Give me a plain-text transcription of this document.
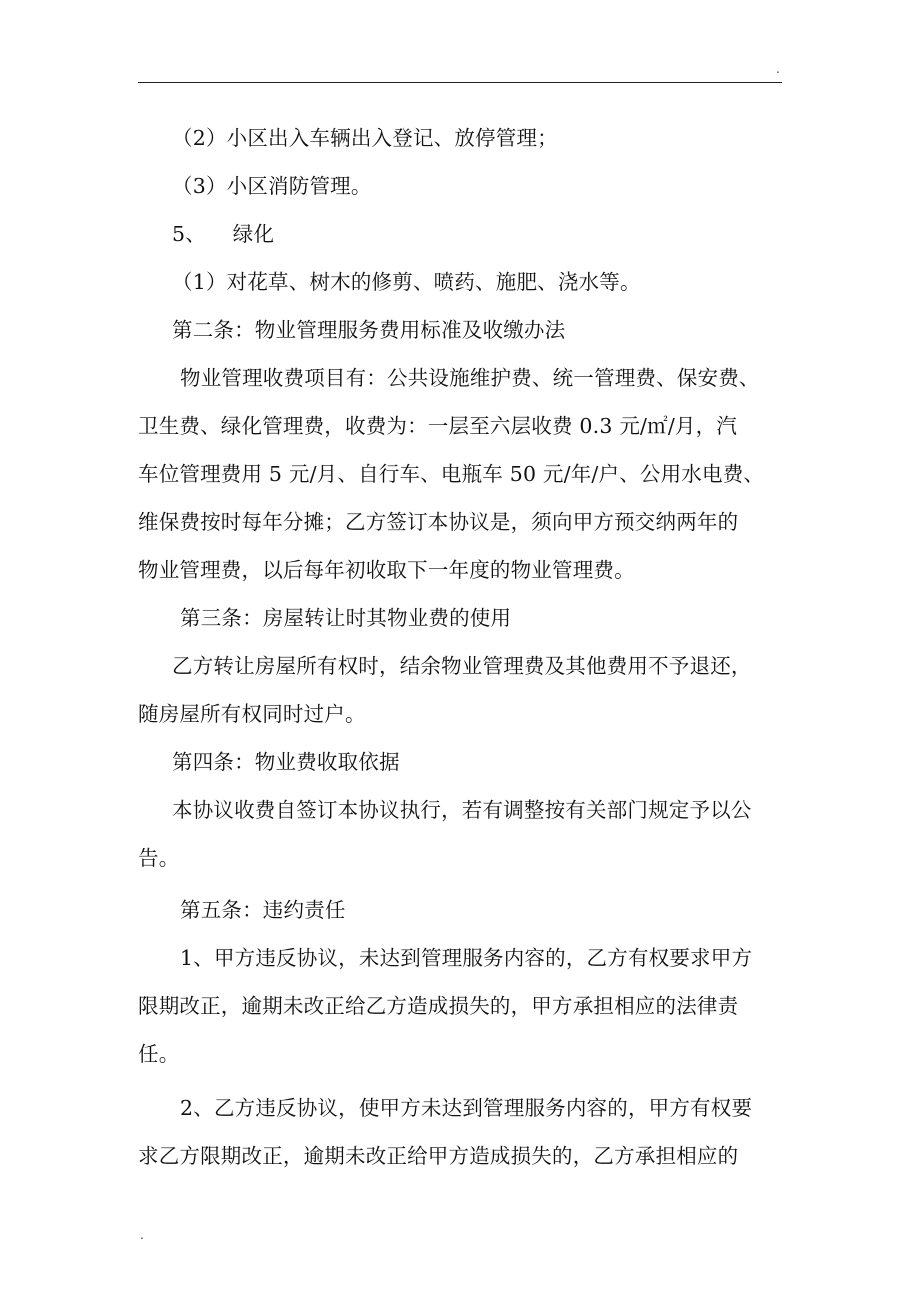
.

（2）小区出入车辆出入登记、放停管理；

（3）小区消防管理。

5、    绿化

（1）对花草、树木的修剪、喷药、施肥、浇水等。

第二条：物业管理服务费用标准及收缴办法

物业管理收费项目有：公共设施维护费、统一管理费、保安费、

卫生费、绿化管理费，收费为：一层至六层收费 0.3 元/㎡/月，汽

车位管理费用 5 元/月、自行车、电瓶车 50 元/年/户、公用水电费、

维保费按时每年分摊；乙方签订本协议是，须向甲方预交纳两年的

物业管理费，以后每年初收取下一年度的物业管理费。

第三条：房屋转让时其物业费的使用

乙方转让房屋所有权时，结余物业管理费及其他费用不予退还，

随房屋所有权同时过户。

第四条：物业费收取依据

本协议收费自签订本协议执行，若有调整按有关部门规定予以公

告。

第五条：违约责任

1、甲方违反协议，未达到管理服务内容的，乙方有权要求甲方

限期改正，逾期未改正给乙方造成损失的，甲方承担相应的法律责

任。

2、乙方违反协议，使甲方未达到管理服务内容的，甲方有权要

求乙方限期改正，逾期未改正给甲方造成损失的，乙方承担相应的

.
